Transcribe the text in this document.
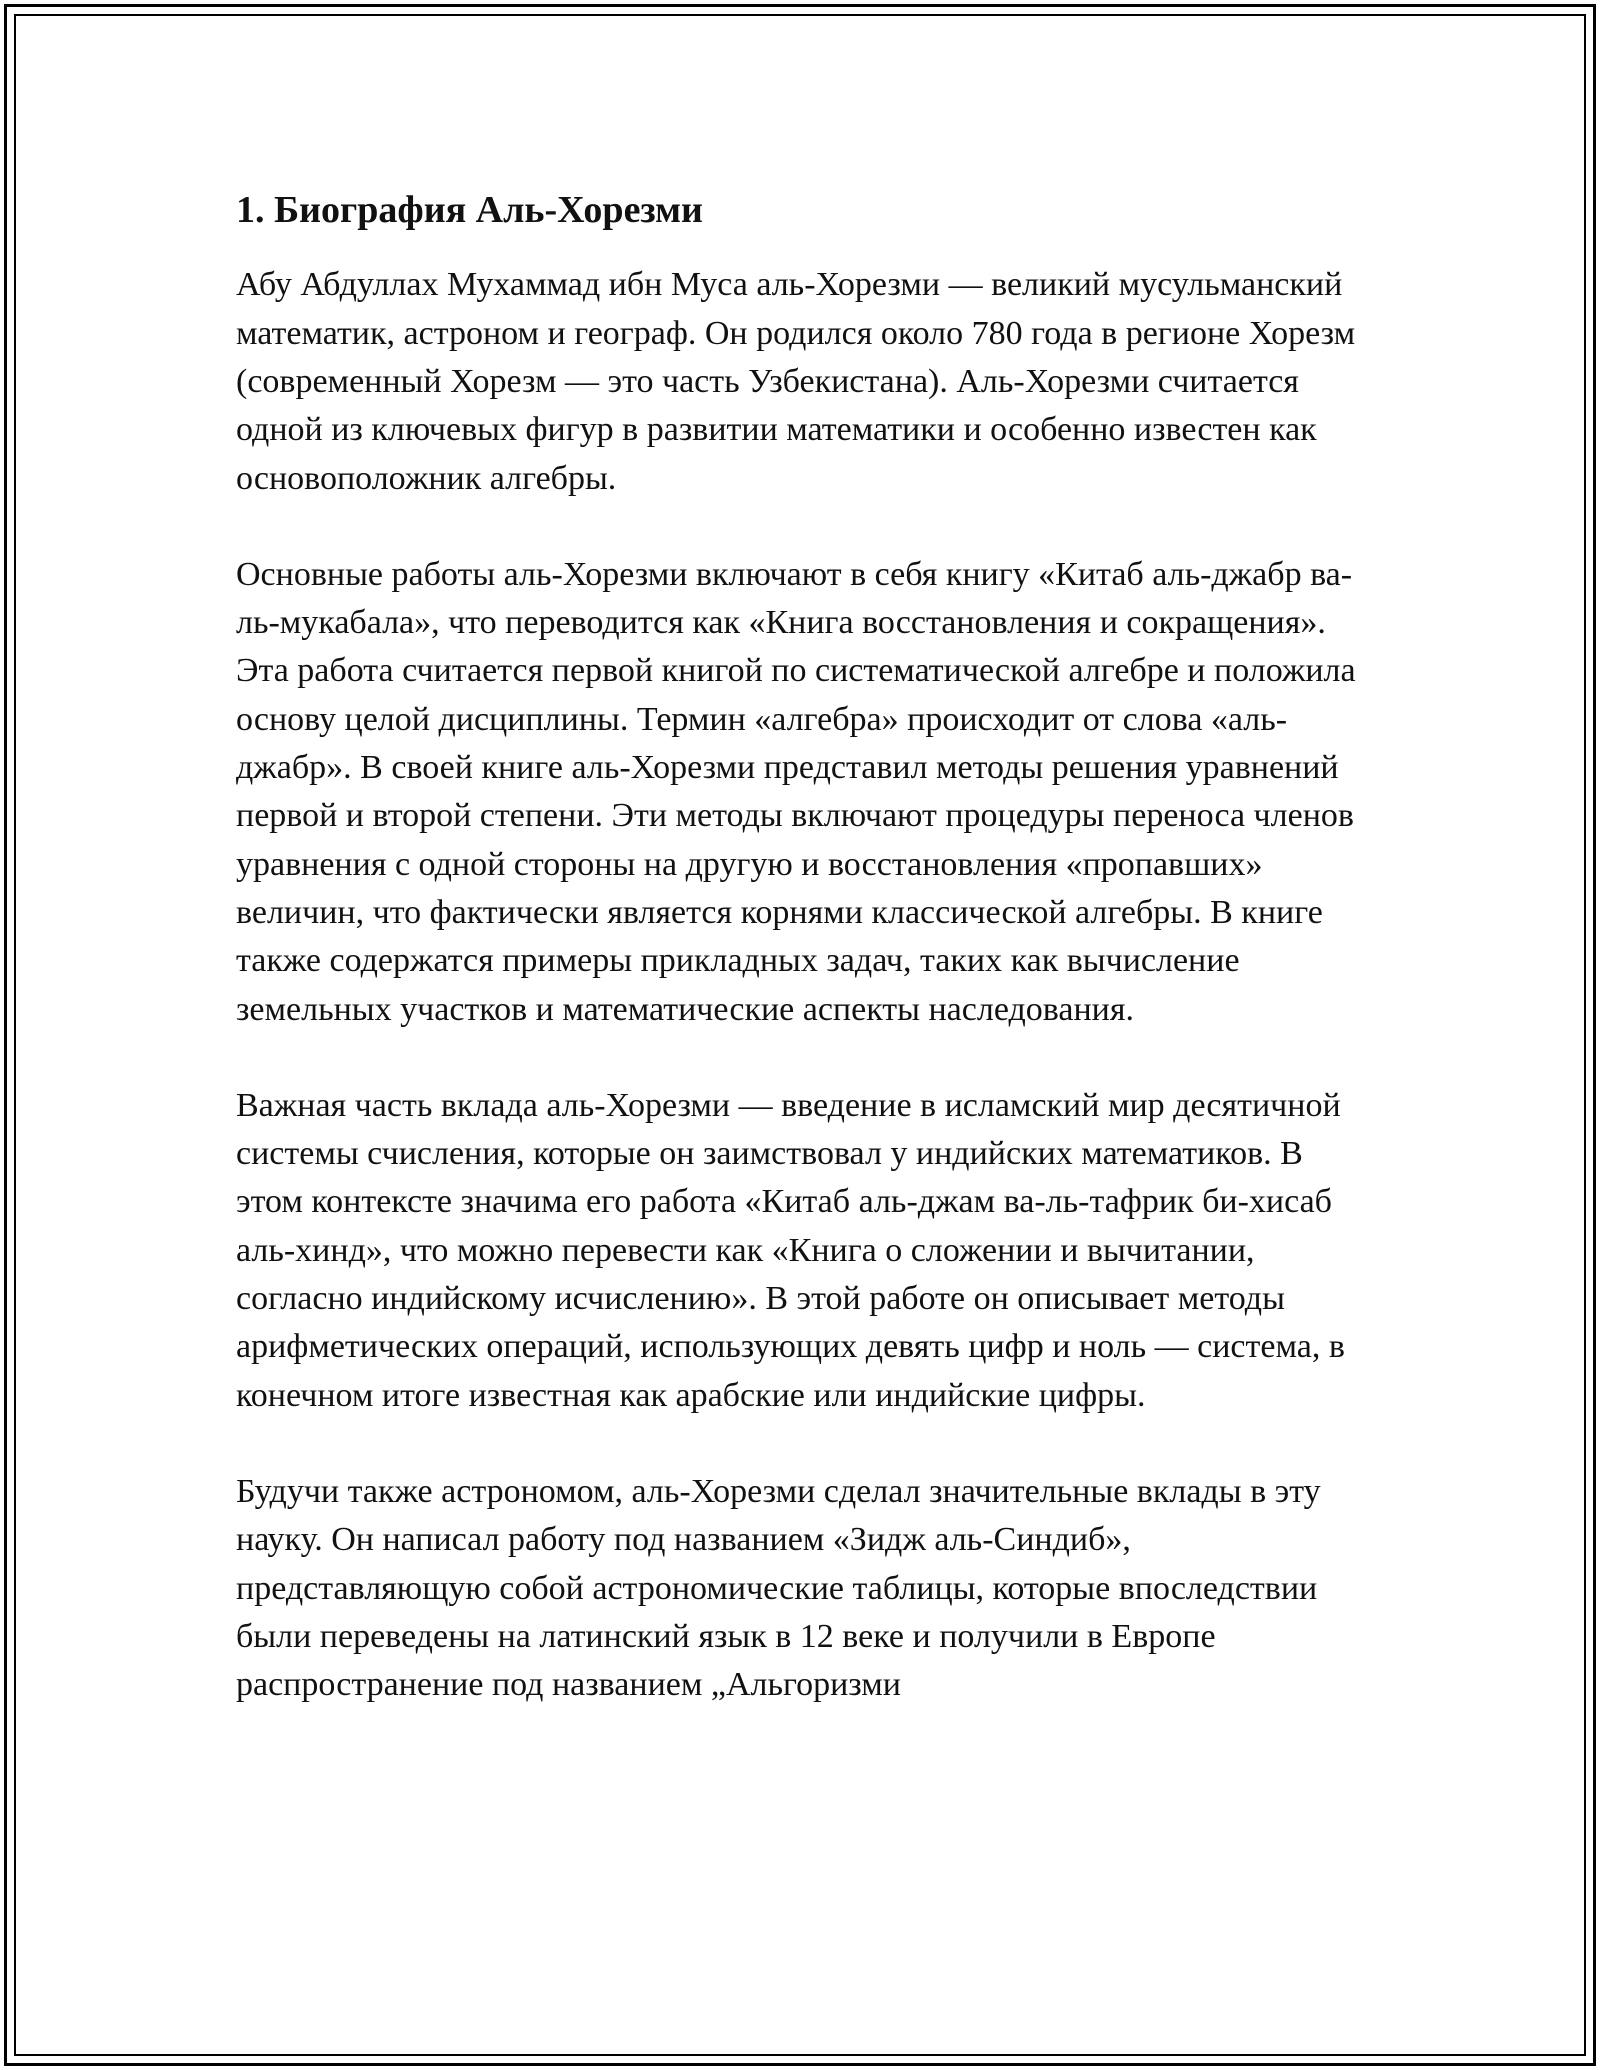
1. Биография Аль-Хорезми

Абу Абдуллах Мухаммад ибн Муса аль-Хорезми — великий мусульманский математик, астроном и географ. Он родился около 780 года в регионе Хорезм (современный Хорезм — это часть Узбекистана). Аль-Хорезми считается одной из ключевых фигур в развитии математики и особенно известен как основоположник алгебры.

Основные работы аль-Хорезми включают в себя книгу «Китаб аль-джабр ва-ль-мукабала», что переводится как «Книга восстановления и сокращения». Эта работа считается первой книгой по систематической алгебре и положила основу целой дисциплины. Термин «алгебра» происходит от слова «аль-джабр». В своей книге аль-Хорезми представил методы решения уравнений первой и второй степени. Эти методы включают процедуры переноса членов уравнения с одной стороны на другую и восстановления «пропавших» величин, что фактически является корнями классической алгебры. В книге также содержатся примеры прикладных задач, таких как вычисление земельных участков и математические аспекты наследования.

Важная часть вклада аль-Хорезми — введение в исламский мир десятичной системы счисления, которые он заимствовал у индийских математиков. В этом контексте значима его работа «Китаб аль-джам ва-ль-тафрик би-хисаб аль-хинд», что можно перевести как «Книга о сложении и вычитании, согласно индийскому исчислению». В этой работе он описывает методы арифметических операций, использующих девять цифр и ноль — система, в конечном итоге известная как арабские или индийские цифры.

Будучи также астрономом, аль-Хорезми сделал значительные вклады в эту науку. Он написал работу под названием «Зидж аль-Синдиб», представляющую собой астрономические таблицы, которые впоследствии были переведены на латинский язык в 12 веке и получили в Европе распространение под названием „Альгоризми
